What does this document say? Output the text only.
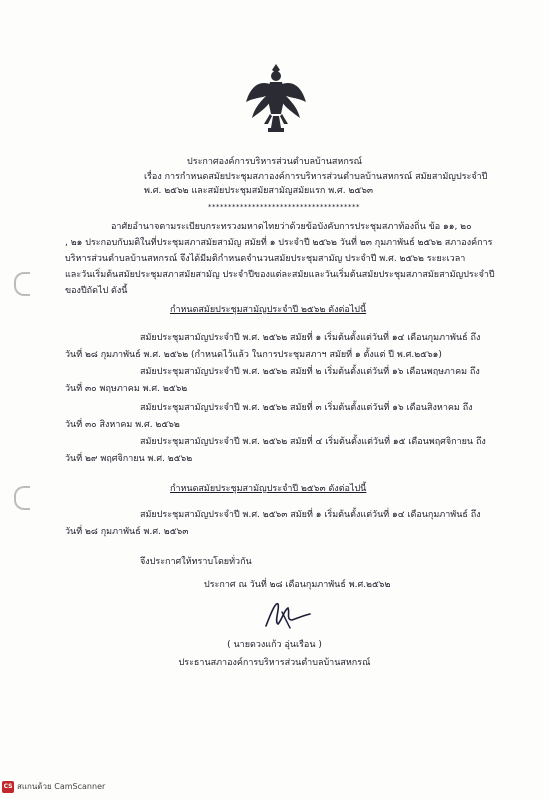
ประกาศองค์การบริหารส่วนตำบลบ้านสหกรณ์
เรื่อง การกำหนดสมัยประชุมสภาองค์การบริหารส่วนตำบลบ้านสหกรณ์ สมัยสามัญประจำปี
พ.ศ. ๒๕๖๒ และสมัยประชุมสมัยสามัญสมัยแรก พ.ศ. ๒๕๖๓
**************************************
อาศัยอำนาจตามระเบียบกระทรวงมหาดไทยว่าด้วยข้อบังคับการประชุมสภาท้องถิ่น ข้อ ๑๑, ๒๐
, ๒๑ ประกอบกับมติในที่ประชุมสภาสมัยสามัญ สมัยที่ ๑ ประจำปี ๒๕๖๒ วันที่ ๒๓ กุมภาพันธ์ ๒๕๖๒ สภาองค์การ
บริหารส่วนตำบลบ้านสหกรณ์ จึงได้มีมติกำหนดจำนวนสมัยประชุมสามัญ ประจำปี พ.ศ. ๒๕๖๒ ระยะเวลา
และวันเริ่มต้นสมัยประชุมสภาสมัยสามัญ ประจำปีของแต่ละสมัยและวันเริ่มต้นสมัยประชุมสภาสมัยสามัญประจำปี
ของปีถัดไป ดังนี้
กำหนดสมัยประชุมสามัญประจำปี ๒๕๖๒ ดังต่อไปนี้
สมัยประชุมสามัญประจำปี พ.ศ. ๒๕๖๒ สมัยที่ ๑ เริ่มต้นตั้งแต่วันที่ ๑๔ เดือนกุมภาพันธ์ ถึง
วันที่ ๒๘ กุมภาพันธ์ พ.ศ. ๒๕๖๒ (กำหนดไว้แล้ว ในการประชุมสภาฯ สมัยที่ ๑ ตั้งแต่ ปี พ.ศ.๒๕๖๑)
สมัยประชุมสามัญประจำปี พ.ศ. ๒๕๖๒ สมัยที่ ๒ เริ่มต้นตั้งแต่วันที่ ๑๖ เดือนพฤษภาคม ถึง
วันที่ ๓๐ พฤษภาคม พ.ศ. ๒๕๖๒
สมัยประชุมสามัญประจำปี พ.ศ. ๒๕๖๒ สมัยที่ ๓ เริ่มต้นตั้งแต่วันที่ ๑๖ เดือนสิงหาคม ถึง
วันที่ ๓๐ สิงหาคม พ.ศ. ๒๕๖๒
สมัยประชุมสามัญประจำปี พ.ศ. ๒๕๖๒ สมัยที่ ๔ เริ่มต้นตั้งแต่วันที่ ๑๕ เดือนพฤศจิกายน ถึง
วันที่ ๒๙ พฤศจิกายน พ.ศ. ๒๕๖๒
กำหนดสมัยประชุมสามัญประจำปี ๒๕๖๓ ดังต่อไปนี้
สมัยประชุมสามัญประจำปี พ.ศ. ๒๕๖๓ สมัยที่ ๑ เริ่มต้นตั้งแต่วันที่ ๑๔ เดือนกุมภาพันธ์ ถึง
วันที่ ๒๘ กุมภาพันธ์ พ.ศ. ๒๕๖๓
จึงประกาศให้ทราบโดยทั่วกัน
ประกาศ ณ วันที่ ๒๘ เดือนกุมภาพันธ์ พ.ศ.๒๕๖๒
( นายดวงแก้ว อุ่นเรือน )
ประธานสภาองค์การบริหารส่วนตำบลบ้านสหกรณ์
CS สแกนด้วย CamScanner
